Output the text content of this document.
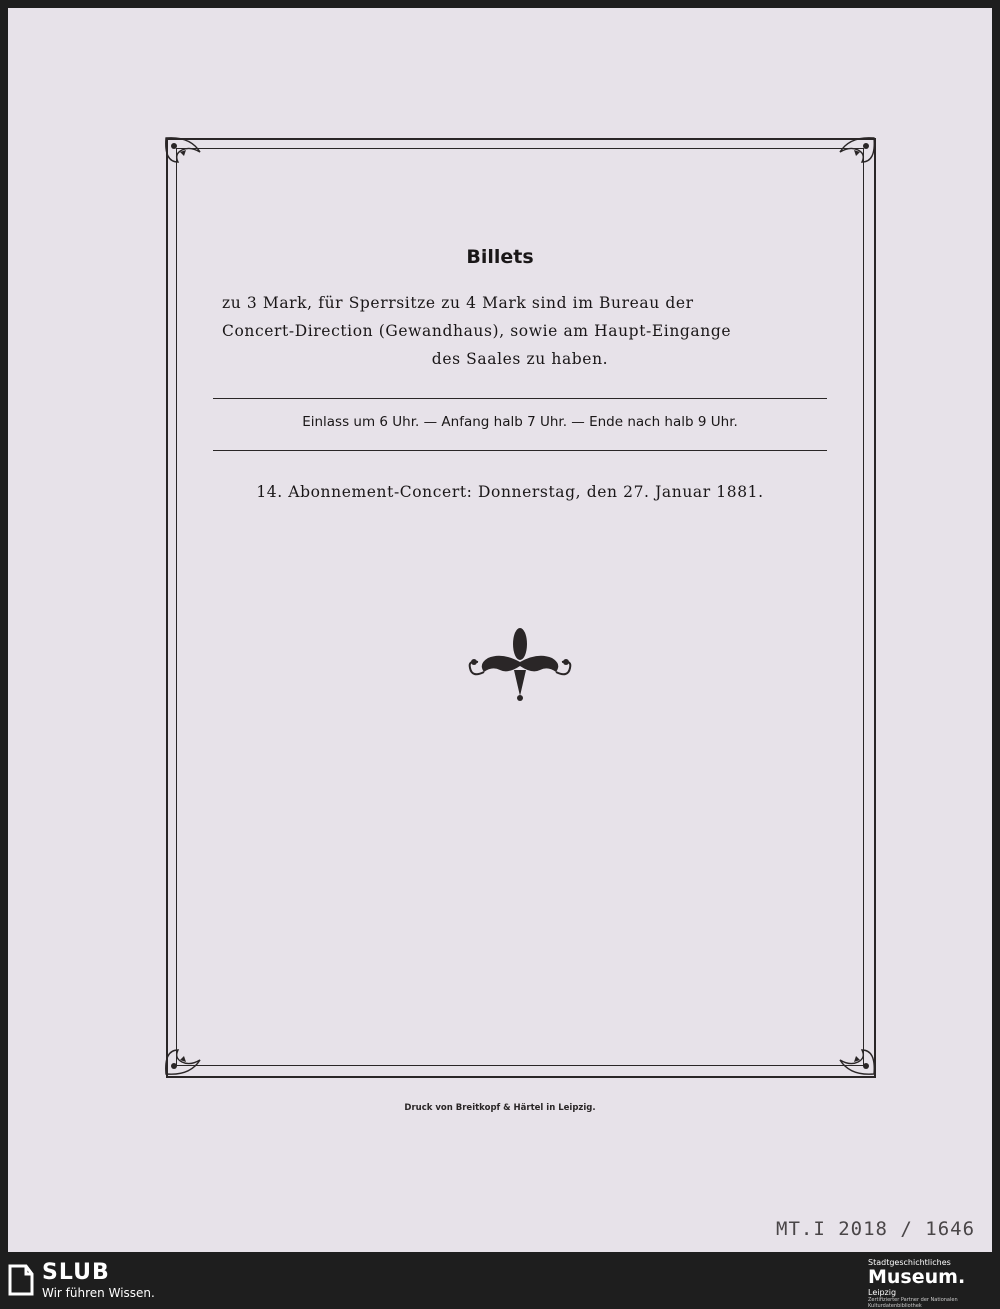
Billets
zu 3 Mark, für Sperrsitze zu 4 Mark sind im Bureau der
Concert-Direction (Gewandhaus), sowie am Haupt-Eingange
des Saales zu haben.
Einlass um 6 Uhr. — Anfang halb 7 Uhr. — Ende nach halb 9 Uhr.
14. Abonnement-Concert: Donnerstag, den 27. Januar 1881.
Druck von Breitkopf & Härtel in Leipzig.
MT.I 2018 / 1646
SLUB
Wir führen Wissen.
Stadtgeschichtliches
Museum.
Leipzig
Zertifizierter Partner der Nationalen Kulturdatenbibliothek
